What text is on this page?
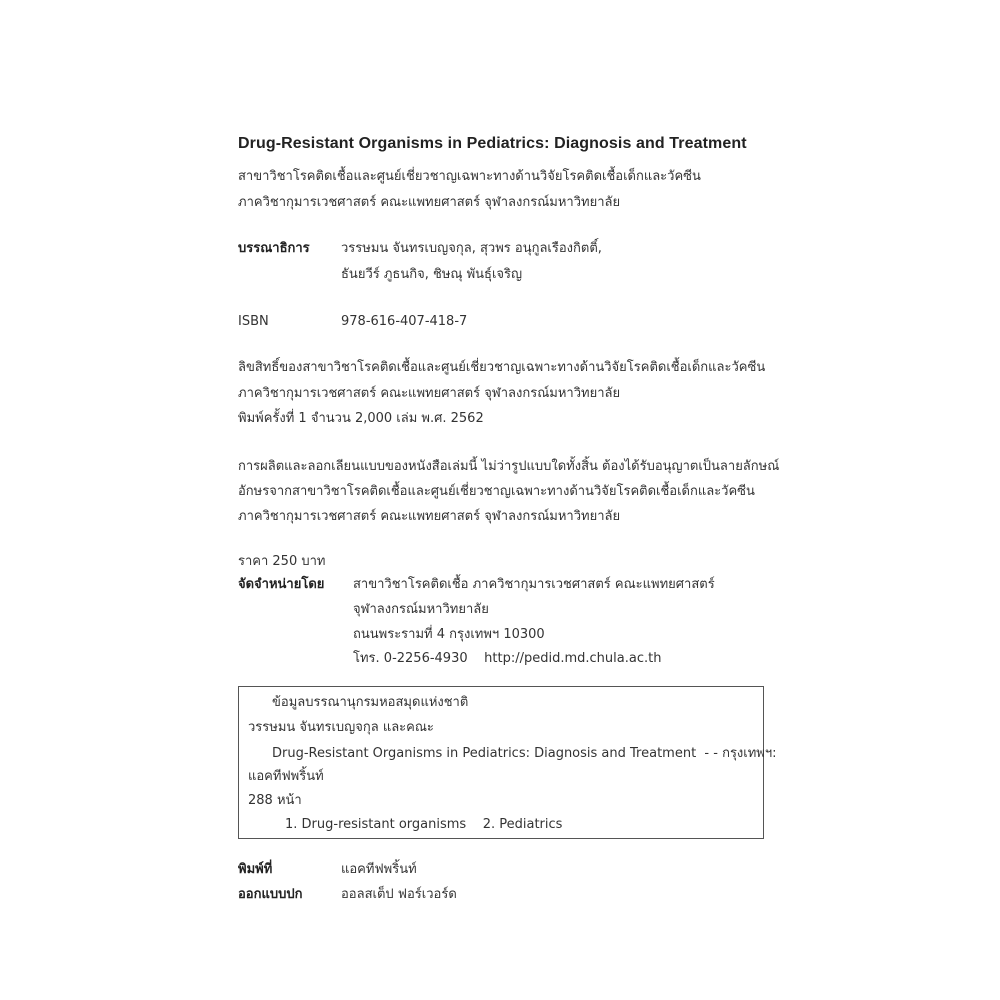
Drug-Resistant Organisms in Pediatrics: Diagnosis and Treatment
สาขาวิชาโรคติดเชื้อและศูนย์เชี่ยวชาญเฉพาะทางด้านวิจัยโรคติดเชื้อเด็กและวัคซีน
ภาควิชากุมารเวชศาสตร์ คณะแพทยศาสตร์ จุฬาลงกรณ์มหาวิทยาลัย
บรรณาธิการ วรรษมน จันทรเบญจกุล, สุวพร อนุกูลเรืองกิตติ์,
ธันยวีร์ ภูธนกิจ, ชิษณุ พันธุ์เจริญ
ISBN	978-616-407-418-7
ลิขสิทธิ์ของสาขาวิชาโรคติดเชื้อและศูนย์เชี่ยวชาญเฉพาะทางด้านวิจัยโรคติดเชื้อเด็กและวัคซีน
ภาควิชากุมารเวชศาสตร์ คณะแพทยศาสตร์ จุฬาลงกรณ์มหาวิทยาลัย
พิมพ์ครั้งที่ 1 จำนวน 2,000 เล่ม พ.ศ. 2562
การผลิตและลอกเลียนแบบของหนังสือเล่มนี้ ไม่ว่ารูปแบบใดทั้งสิ้น ต้องได้รับอนุญาตเป็นลายลักษณ์
อักษรจากสาขาวิชาโรคติดเชื้อและศูนย์เชี่ยวชาญเฉพาะทางด้านวิจัยโรคติดเชื้อเด็กและวัคซีน
ภาควิชากุมารเวชศาสตร์ คณะแพทยศาสตร์ จุฬาลงกรณ์มหาวิทยาลัย
ราคา 250 บาท
จัดจำหน่ายโดย สาขาวิชาโรคติดเชื้อ ภาควิชากุมารเวชศาสตร์ คณะแพทยศาสตร์
จุฬาลงกรณ์มหาวิทยาลัย
ถนนพระรามที่ 4 กรุงเทพฯ 10300
โทร. 0-2256-4930    http://pedid.md.chula.ac.th
ข้อมูลบรรณานุกรมหอสมุดแห่งชาติ
วรรษมน จันทรเบญจกุล และคณะ
Drug-Resistant Organisms in Pediatrics: Diagnosis and Treatment  - - กรุงเทพฯ:
แอคทีฟพริ้นท์
288 หน้า
1. Drug-resistant organisms    2. Pediatrics
พิมพ์ที่	แอคทีฟพริ้นท์
ออกแบบปก	ออลสเต็ป ฟอร์เวอร์ด
